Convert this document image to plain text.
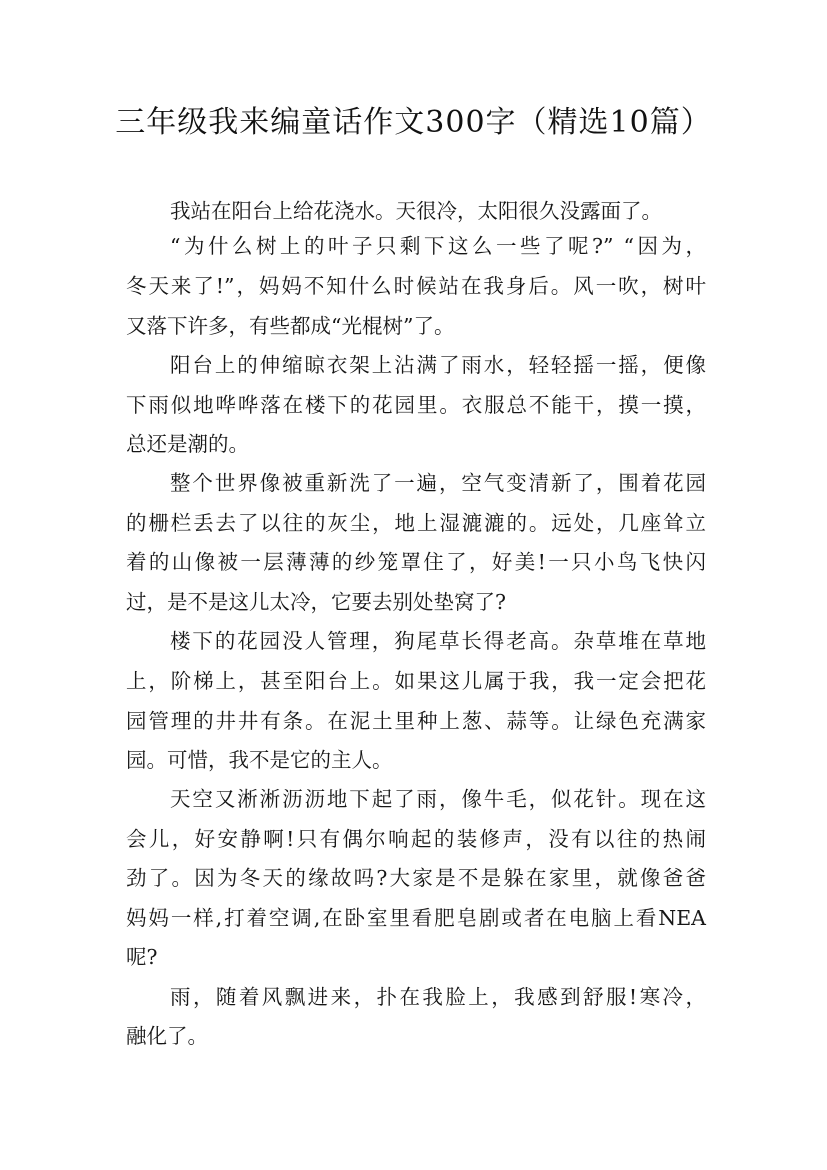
三年级我来编童话作文300字（精选10篇）
我站在阳台上给花浇水。天很冷，太阳很久没露面了。
“为什么树上的叶子只剩下这么一些了呢?” “因为，
冬天来了!”，妈妈不知什么时候站在我身后。风一吹，树叶
又落下许多，有些都成“光棍树”了。
阳台上的伸缩晾衣架上沾满了雨水，轻轻摇一摇，便像
下雨似地哗哗落在楼下的花园里。衣服总不能干，摸一摸，
总还是潮的。
整个世界像被重新洗了一遍，空气变清新了，围着花园
的栅栏丢去了以往的灰尘，地上湿漉漉的。远处，几座耸立
着的山像被一层薄薄的纱笼罩住了，好美!一只小鸟飞快闪
过，是不是这儿太冷，它要去别处垫窝了?
楼下的花园没人管理，狗尾草长得老高。杂草堆在草地
上，阶梯上，甚至阳台上。如果这儿属于我，我一定会把花
园管理的井井有条。在泥土里种上葱、蒜等。让绿色充满家
园。可惜，我不是它的主人。
天空又淅淅沥沥地下起了雨，像牛毛，似花针。现在这
会儿，好安静啊!只有偶尔响起的装修声，没有以往的热闹
劲了。因为冬天的缘故吗?大家是不是躲在家里，就像爸爸
妈妈一样,打着空调,在卧室里看肥皂剧或者在电脑上看NEA
呢?
雨，随着风飘进来，扑在我脸上，我感到舒服!寒冷，
融化了。
